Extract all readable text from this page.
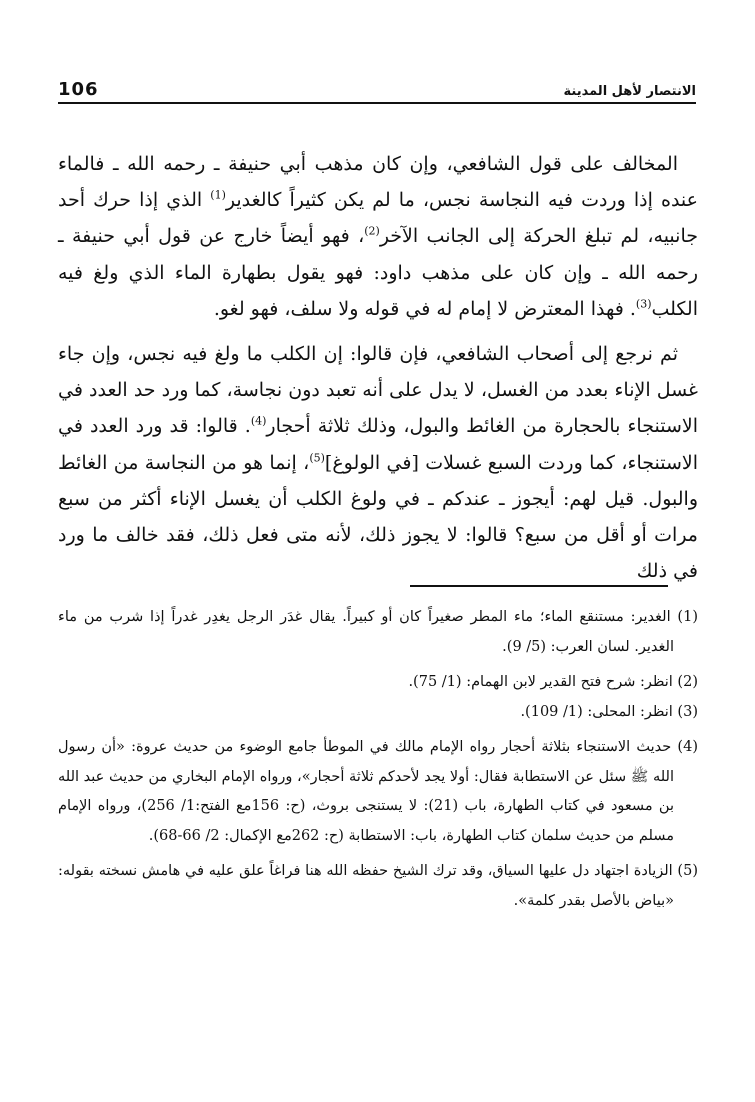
106	الانتصار لأهل المدينة

المخالف على قول الشافعي، وإن كان مذهب أبي حنيفة ـ رحمه الله ـ فالماء عنده إذا وردت فيه النجاسة نجس، ما لم يكن كثيراً كالغدير$^{(1)}$ الذي إذا حرك أحد جانبيه، لم تبلغ الحركة إلى الجانب الآخر$^{(2)}$، فهو أيضاً خارج عن قول أبي حنيفة ـ رحمه الله ـ وإن كان على مذهب داود: فهو يقول بطهارة الماء الذي ولغ فيه الكلب$^{(3)}$. فهذا المعترض لا إمام له في قوله ولا سلف، فهو لغو.

ثم نرجع إلى أصحاب الشافعي، فإن قالوا: إن الكلب ما ولغ فيه نجس، وإن جاء غسل الإناء بعدد من الغسل، لا يدل على أنه تعبد دون نجاسة، كما ورد حد العدد في الاستنجاء بالحجارة من الغائط والبول، وذلك ثلاثة أحجار$^{(4)}$. قالوا: قد ورد العدد في الاستنجاء، كما وردت السبع غسلات [في الولوغ]$^{(5)}$، إنما هو من النجاسة من الغائط والبول. قيل لهم: أيجوز ـ عندكم ـ في ولوغ الكلب أن يغسل الإناء أكثر من سبع مرات أو أقل من سبع؟ قالوا: لا يجوز ذلك، لأنه متى فعل ذلك، فقد خالف ما ورد في ذلك

(1) الغدير: مستنقع الماء؛ ماء المطر صغيراً كان أو كبيراً. يقال غدَر الرجل يغدِر غدراً إذا شرب من ماء الغدير. لسان العرب: (5/ 9).

(2) انظر: شرح فتح القدير لابن الهمام: (1/ 75).

(3) انظر: المحلى: (1/ 109).

(4) حديث الاستنجاء بثلاثة أحجار رواه الإمام مالك في الموطأ جامع الوضوء من حديث عروة: «أن رسول الله ﷺ سئل عن الاستطابة فقال: أولا يجد لأحدكم ثلاثة أحجار»، ورواه الإمام البخاري من حديث عبد الله بن مسعود في كتاب الطهارة، باب (21): لا يستنجى بروث، (ح: 156مع الفتح:1/ 256)، ورواه الإمام مسلم من حديث سلمان كتاب الطهارة، باب: الاستطابة (ح: 262مع الإكمال: 2/ 66-68).

(5) الزيادة اجتهاد دل عليها السياق، وقد ترك الشيخ حفظه الله هنا فراغاً علق عليه في هامش نسخته بقوله: «بياض بالأصل بقدر كلمة».
